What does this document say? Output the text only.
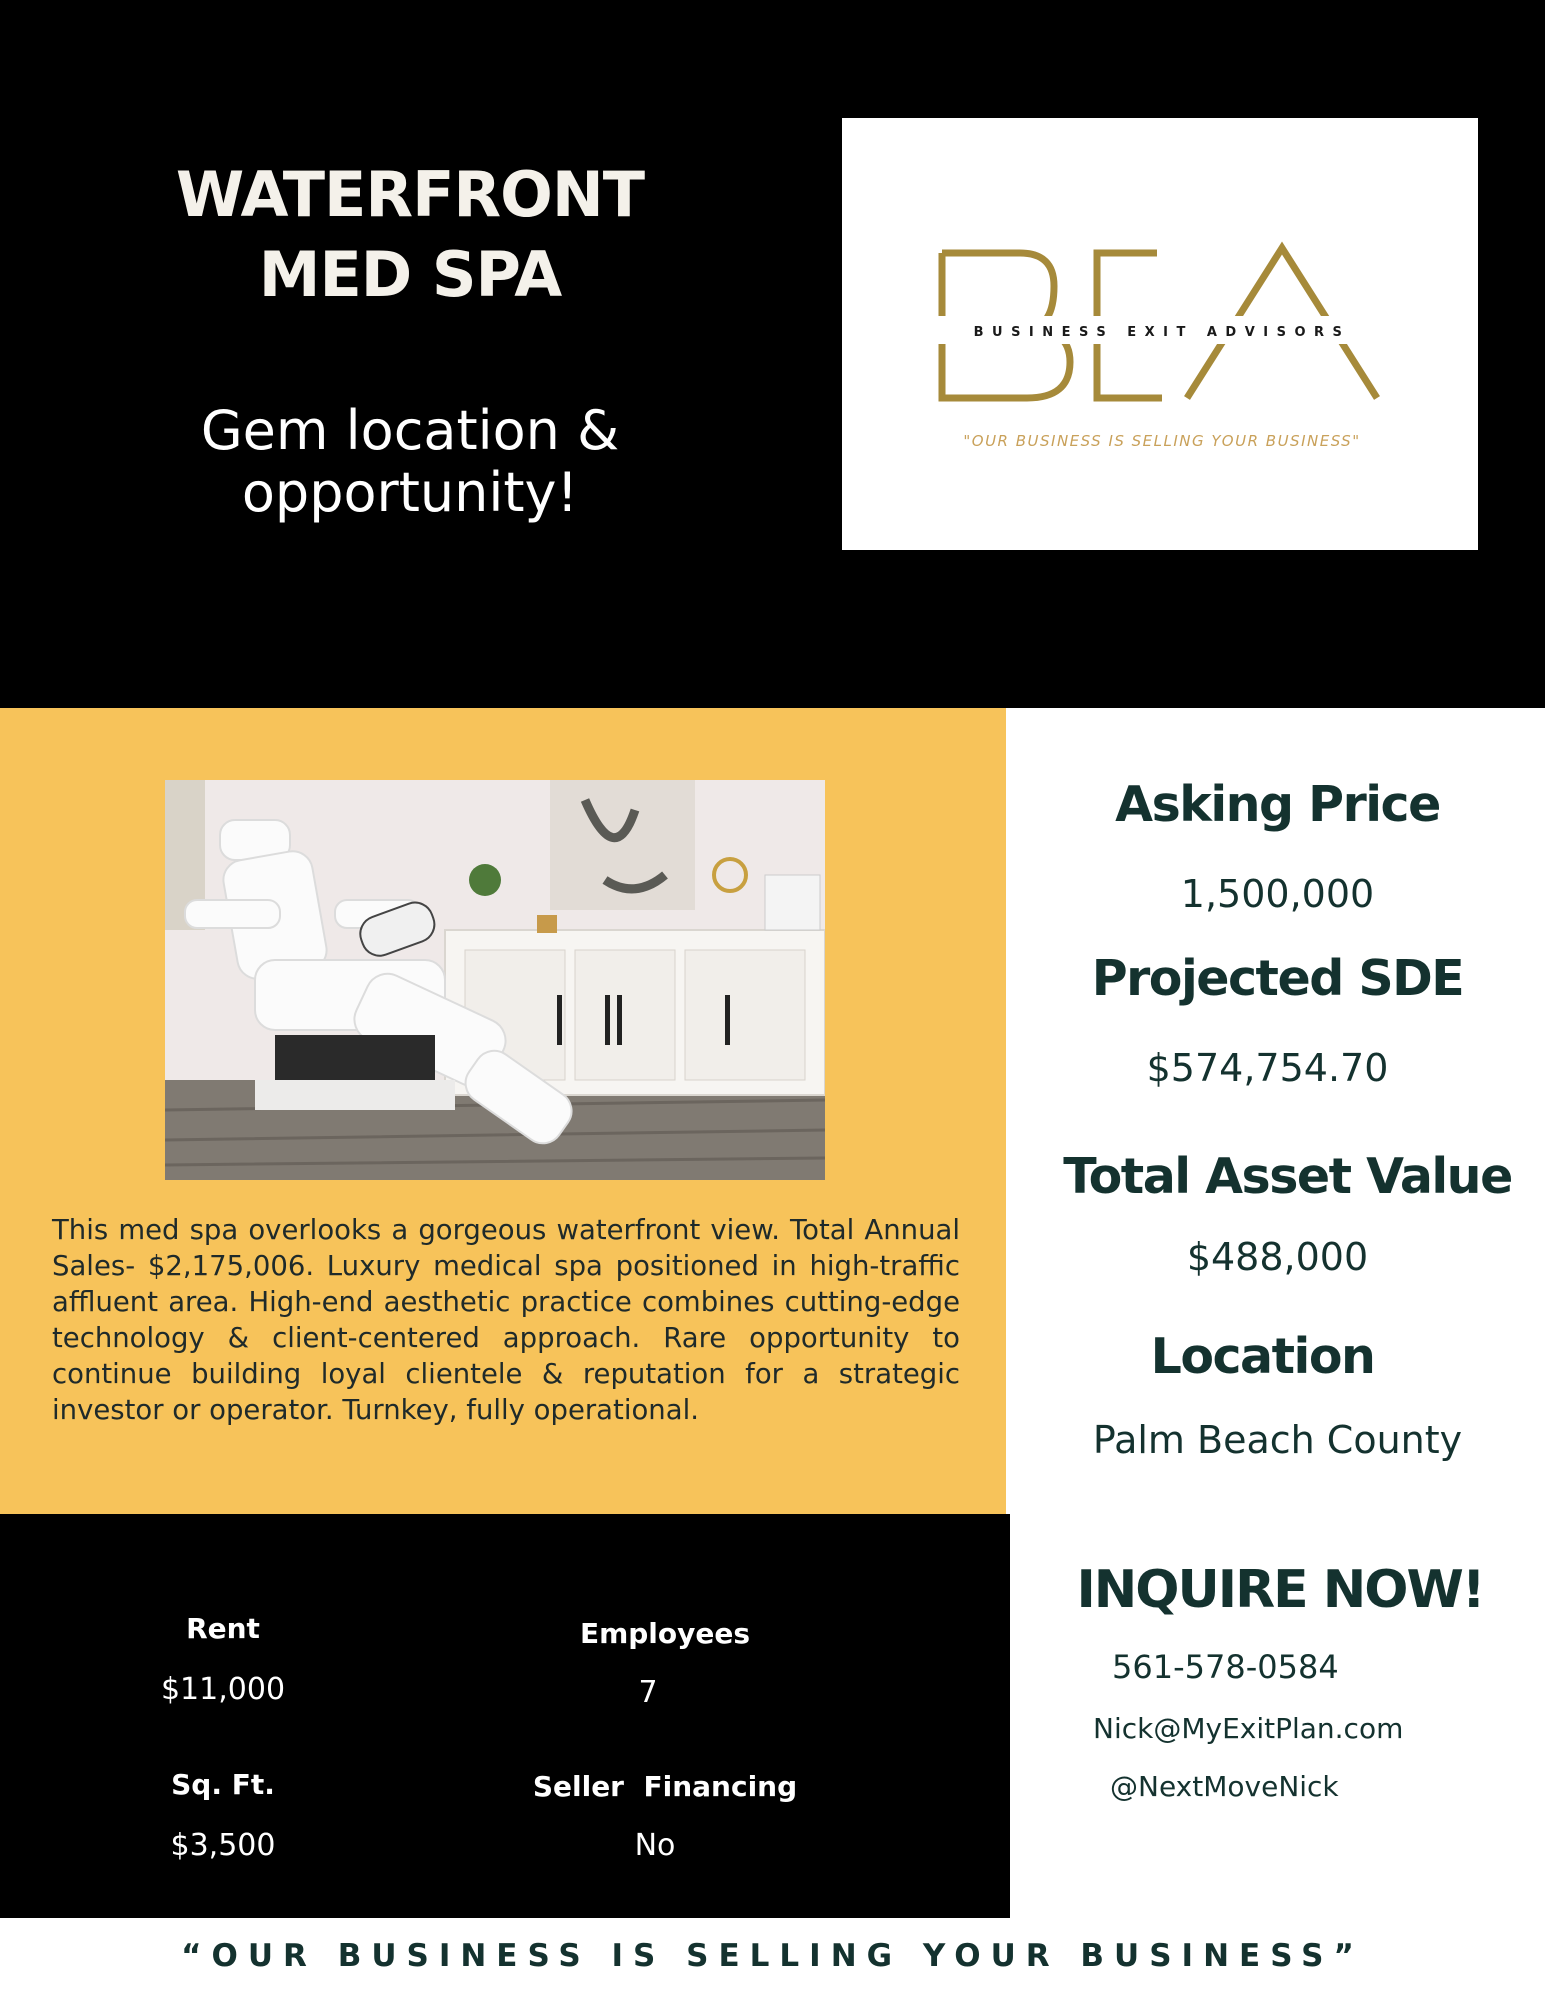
WATERFRONT
MED SPA
Gem location &
opportunity!
BUSINESS EXIT ADVISORS
"OUR BUSINESS IS SELLING YOUR BUSINESS"

This med spa overlooks a gorgeous waterfront view. Total Annual Sales- $2,175,006. Luxury medical spa positioned in high-traffic affluent area. High-end aesthetic practice combines cutting-edge technology & client-centered approach. Rare opportunity to continue building loyal clientele & reputation for a strategic investor or operator. Turnkey, fully operational.

Asking Price
1,500,000
Projected SDE
$574,754.70
Total Asset Value
$488,000
Location
Palm Beach County
Rent
$11,000
Employees
7
Sq. Ft.
$3,500
Seller  Financing
No
INQUIRE NOW!
561-578-0584
Nick@MyExitPlan.com
@NextMoveNick
“OUR BUSINESS IS SELLING YOUR BUSINESS”
